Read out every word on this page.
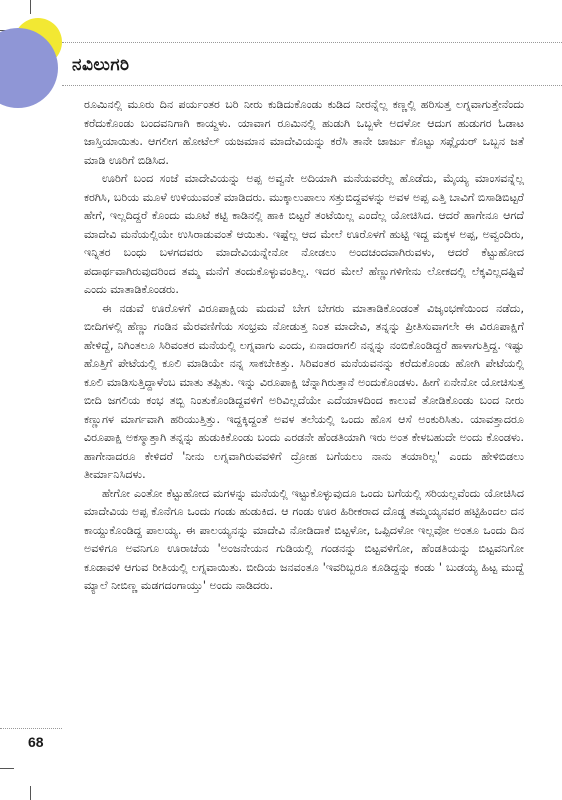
ನವಿಲುಗರಿ

ರೂಮಿನಲ್ಲಿ ಮೂರು ದಿನ ಪರ್ಯಂತರ ಬರಿ ನೀರು ಕುಡಿದುಕೊಂಡು ಕುಡಿದ ನೀರನ್ನೆಲ್ಲ ಕಣ್ಣಲ್ಲಿ ಹರಿಸುತ್ತ ಲಗ್ನವಾಗುತ್ತೇನೆಂದು ಕರೆದುಕೊಂಡು ಬಂದವನಿಗಾಗಿ ಕಾಯ್ದಳು. ಯಾವಾಗ ರೂಮಿನಲ್ಲಿ ಹುಡುಗಿ ಒಬ್ಬಳೇ ಅದಳೋ ಆದುಗ ಹುಡುಗರ ಓಡಾಟ ಜಾಸ್ತಿಯಾಯಿತು. ಆಗಲೀಗ ಹೋಟೆಲ್ ಯಜಮಾನ ಮಾದೇವಿಯನ್ನು ಕರೆಸಿ ತಾನೇ ಚಾರ್ಜು ಕೊಟ್ಟು ಸಪ್ಲೈಯರ್ ಒಬ್ಬನ ಜತೆ ಮಾಡಿ ಊರಿಗೆ ಬಿಡಿಸಿದ.

ಊರಿಗೆ ಬಂದ ಸಂಜೆ ಮಾದೇವಿಯನ್ನು ಅಪ್ಪ ಅವ್ವನೇ ಅದಿಯಾಗಿ ಮನೆಯವರೆಲ್ಲ ಹೊಡೆದು, ಮೈಯ್ಯ ಮಾಂಸವನ್ನೆಲ್ಲ ಕರಗಿಸಿ, ಬರಿಯ ಮೂಳೆ ಉಳಿಯುವಂತೆ ಮಾಡಿದರು. ಮುಕ್ಕಾಲುಪಾಲು ಸತ್ತುಬಿದ್ದವಳನ್ನು ಅವಳ ಅಪ್ಪ ಎತ್ತಿ ಬಾವಿಗೆ ಬಿಸಾಡಿಬಿಟ್ಟರೆ ಹೇಗೆ, ಇಲ್ಲದಿದ್ದರೆ ಕೊಂದು ಮೂಟೆ ಕಟ್ಟಿ ಕಾಡಿನಲ್ಲಿ ಹಾಕಿ ಬಿಟ್ಟರೆ ತಂಟೆಯಿಲ್ಲ ಎಂದೆಲ್ಲ ಯೋಚಿಸಿದ. ಆದರೆ ಹಾಗೇನೂ ಆಗದೆ ಮಾದೇವಿ ಮನೆಯಲ್ಲಿಯೇ ಉಸಿರಾಡುವಂತೆ ಆಯಿತು. ಇಷ್ಟೆಲ್ಲ ಆದ ಮೇಲೆ ಊರೊಳಗೆ ಹುಟ್ಟಿ ಇದ್ದ ಮಕ್ಕಳ ಅಪ್ಪ, ಅವ್ವಂದಿರು, ಇನ್ನಿತರ ಬಂಧು ಬಳಗದವರು ಮಾದೇವಿಯನ್ನೇನೋ ನೋಡಲು ಅಂದಚಂದವಾಗಿರುವಳು, ಆದರೆ ಕೆಟ್ಟುಹೋದ ಪದಾರ್ಥವಾಗಿರುವುದರಿಂದ ತಮ್ಮ ಮನೆಗೆ ತಂದುಕೊಳ್ಳುವಂತಿಲ್ಲ. ಇದರ ಮೇಲೆ ಹೆಣ್ಣುಗಳಿಗೇನು ಲೋಕದಲ್ಲಿ ಲೆಕ್ಕವಿಲ್ಲದಷ್ಟಿವೆ ಎಂದು ಮಾತಾಡಿಕೊಂಡರು.

ಈ ನಡುವೆ ಊರೊಳಗೆ ವಿರೂಪಾಕ್ಷಿಯ ಮದುವೆ ಬೇಗ ಬೇಗರು ಮಾತಾಡಿಕೊಂಡಂತೆ ವಿಜೃಂಭಣೆಯಿಂದ ನಡೆದು, ಬೀದಿಗಳಲ್ಲಿ ಹೆಣ್ಣು ಗಂಡಿನ ಮೆರವಣಿಗೆಯ ಸಂಭ್ರಮ ನೋಡುತ್ತ ನಿಂತ ಮಾದೇವಿ, ತನ್ನನ್ನು ಪ್ರೀತಿಸುವಾಗಲೇ ಈ ವಿರೂಪಾಕ್ಷಿಗೆ ಹೇಳಿದ್ದೆ, ನಿಗಿಂತಲೂ ಸಿರಿವಂತರ ಮನೆಯಲ್ಲಿ ಲಗ್ನವಾಗು ಎಂದು, ಏನಾದರಾಗಲಿ ನನ್ನನ್ನು ನಂಬಿಕೊಂಡಿದ್ದರೆ ಹಾಳಾಗುತ್ತಿದ್ದ. ಇಷ್ಟು ಹೊತ್ತಿಗೆ ಪೇಟೆಯಲ್ಲಿ ಕೂಲಿ ಮಾಡಿಯೇ ನನ್ನ ಸಾಕಬೇಕಿತ್ತು. ಸಿರಿವಂತರ ಮನೆಯವನನ್ನು ಕರೆದುಕೊಂಡು ಹೋಗಿ ಪೇಟೆಯಲ್ಲಿ ಕೂಲಿ ಮಾಡಿಸುತ್ತಿದ್ದಾಳೆಂಬ ಮಾತು ತಪ್ಪಿತು. ಇನ್ನು ವಿರೂಪಾಕ್ಷಿ ಚೆನ್ನಾಗಿರುತ್ತಾನೆ ಅಂದುಕೊಂಡಳು. ಹೀಗೆ ಏನೇನೋ ಯೋಚಿಸುತ್ತ ಬೀದಿ ಜಗಲಿಯ ಕಂಭ ತಬ್ಬಿ ನಿಂತುಕೊಂಡಿದ್ದವಳಿಗೆ ಅರಿವಿಲ್ಲದೆಯೇ ಎದೆಯಾಳದಿಂದ ಕಾಲುವೆ ತೋಡಿಕೊಂಡು ಬಂದ ನೀರು ಕಣ್ಣುಗಳ ಮಾರ್ಗವಾಗಿ ಹರಿಯುತ್ತಿತ್ತು. ಇದ್ದಕ್ಕಿದ್ದಂತೆ ಅವಳ ತಲೆಯಲ್ಲಿ ಒಂದು ಹೊಸ ಆಸೆ ಅಂಕುರಿಸಿತು. ಯಾವತ್ತಾದರೂ ವಿರೂಪಾಕ್ಷಿ ಅಕಸ್ಮಾತ್ತಾಗಿ ತನ್ನನ್ನು ಹುಡುಕಿಕೊಂಡು ಬಂದು ಎರಡನೇ ಹೆಂಡತಿಯಾಗಿ ಇರು ಅಂತ ಕೇಳಬಹುದೇ ಅಂದು ಕೊಂಡಳು. ಹಾಗೇನಾದರೂ ಕೇಳಿದರೆ 'ನೀನು ಲಗ್ನವಾಗಿರುವವಳಿಗೆ ದ್ರೋಹ ಬಗೆಯಲು ನಾನು ತಯಾರಿಲ್ಲ' ಎಂದು ಹೇಳಿಬಿಡಲು ತೀರ್ಮಾನಿಸಿದಳು.

ಹೇಗೋ ಎಂತೋ ಕೆಟ್ಟುಹೋದ ಮಗಳನ್ನು ಮನೆಯಲ್ಲಿ ಇಟ್ಟುಕೊಳ್ಳುವುದೂ ಒಂದು ಬಗೆಯಲ್ಲಿ ಸರಿಯಲ್ಲವೆಂದು ಯೋಚಿಸಿದ ಮಾದೇವಿಯ ಅಪ್ಪ ಕೊನೆಗೂ ಒಂದು ಗಂಡು ಹುಡುಕಿದ. ಆ ಗಂಡು ಊರ ಹಿರೀಕರಾದ ದೊಡ್ಡ ತಮ್ಮಯ್ಯನವರ ಹಟ್ಟಿಹಿಂದಲ ದನ ಕಾಯ್ದುಕೊಂಡಿದ್ದ ಪಾಲಯ್ಯ. ಈ ಪಾಲಯ್ಯನನ್ನು ಮಾದೇವಿ ನೋಡಿದಾಕೆ ಬಿಟ್ಟಳೋ, ಒಪ್ಪಿದಳೋ ಇಲ್ಲವೋ ಅಂತೂ ಒಂದು ದಿನ ಅವಳಿಗೂ ಅವನಿಗೂ ಊರಾಚೆಯ 'ಅಂಜನೇಯನ ಗುಡಿಯಲ್ಲಿ ಗಂಡನನ್ನು ಬಿಟ್ಟವಳಿಗೋ, ಹೆಂಡತಿಯನ್ನು ಬಿಟ್ಟವನಿಗೋ ಕೂಡಾವಳಿ ಆಗುವ ರೀತಿಯಲ್ಲಿ ಲಗ್ನವಾಯಿತು. ಬೀದಿಯ ಜನವಂತೂ 'ಇವರಿಬ್ಬರೂ ಕೂಡಿದ್ದನ್ನು ಕಂಡು ' ಬುಡಯ್ಯ ಹಿಟ್ಟ ಮುದ್ದೆ ಮ್ಯಾಲೆ ನೀಬಿಣ್ಣ ಮಡಗದಂಗಾಯ್ತು' ಅಂದು ನಾಡಿದರು.

68
